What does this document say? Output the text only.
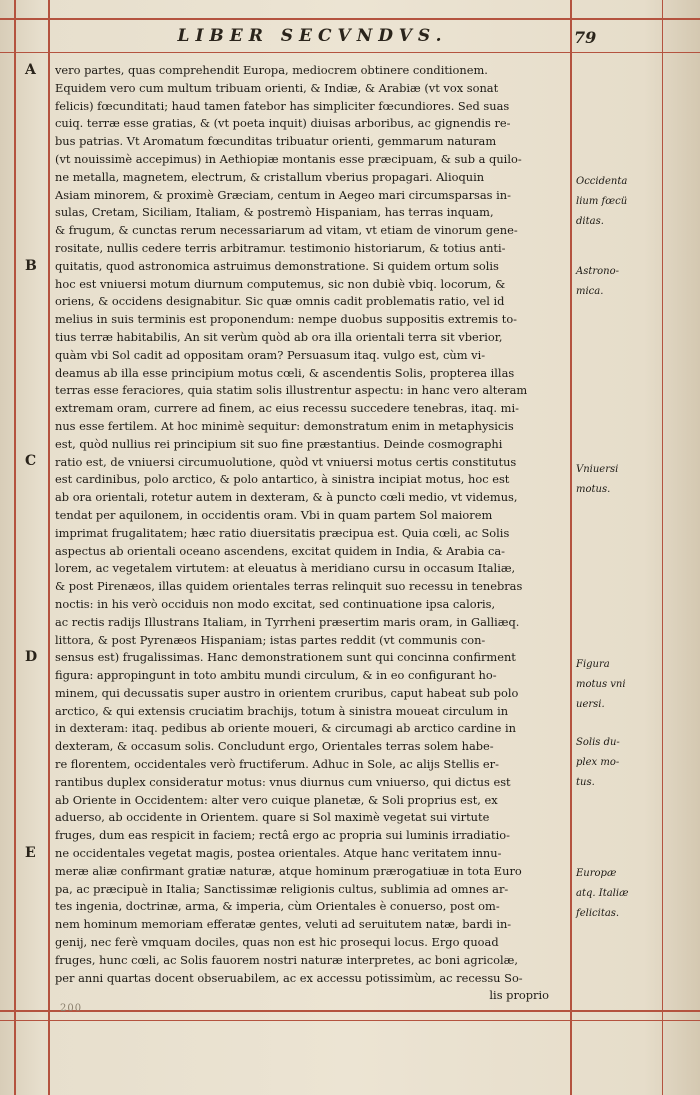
LIBER SECVNDVS.	79
A
B
C
D
E
vero partes, quas comprehendit Europa, mediocrem obtinere conditionem.
Equidem vero cum multum tribuam orienti, & Indiæ, & Arabiæ (vt vox sonat
felicis) fœcunditati; haud tamen fatebor has simpliciter fœcundiores. Sed suas
cuiq. terræ esse gratias, & (vt poeta inquit) diuisas arboribus, ac gignendis re-
bus patrias. Vt Aromatum fœcunditas tribuatur orienti, gemmarum naturam
(vt nouissimè accepimus) in Aethiopiæ montanis esse præcipuam, & sub a quilo-
ne metalla, magnetem, electrum, & cristallum vberius propagari. Alioquin
Asiam minorem, & proximè Græciam, centum in Aegeo mari circumsparsas in-
sulas, Cretam, Siciliam, Italiam, & postremò Hispaniam, has terras inquam,
& frugum, & cunctas rerum necessariarum ad vitam, vt etiam de vinorum gene-
rositate, nullis cedere terris arbitramur. testimonio historiarum, & totius anti-
quitatis, quod astronomica astruimus demonstratione. Si quidem ortum solis
hoc est vniuersi motum diurnum computemus, sic non dubiè vbiq. locorum, &
oriens, & occidens designabitur. Sic quæ omnis cadit problematis ratio, vel id
melius in suis terminis est proponendum: nempe duobus suppositis extremis to-
tius terræ habitabilis, An sit verùm quòd ab ora illa orientali terra sit vberior,
quàm vbi Sol cadit ad oppositam oram? Persuasum itaq. vulgo est, cùm vi-
deamus ab illa esse principium motus cœli, & ascendentis Solis, propterea illas
terras esse feraciores, quia statim solis illustrentur aspectu: in hanc vero alteram
extremam oram, currere ad finem, ac eius recessu succedere tenebras, itaq. mi-
nus esse fertilem. At hoc minimè sequitur: demonstratum enim in metaphysicis
est, quòd nullius rei principium sit suo fine præstantius. Deinde cosmographi
ratio est, de vniuersi circumuolutione, quòd vt vniuersi motus certis constitutus
est cardinibus, polo arctico, & polo antartico, à sinistra incipiat motus, hoc est
ab ora orientali, rotetur autem in dexteram, & à puncto cœli medio, vt videmus,
tendat per aquilonem, in occidentis oram. Vbi in quam partem Sol maiorem
imprimat frugalitatem; hæc ratio diuersitatis præcipua est. Quia cœli, ac Solis
aspectus ab orientali oceano ascendens, excitat quidem in India, & Arabia ca-
lorem, ac vegetalem virtutem: at eleuatus à meridiano cursu in occasum Italiæ,
& post Pirenæos, illas quidem orientales terras relinquit suo recessu in tenebras
noctis: in his verò occiduis non modo excitat, sed continuatione ipsa caloris,
ac rectis radijs Illustrans Italiam, in Tyrrheni præsertim maris oram, in Galliæq.
littora, & post Pyrenæos Hispaniam; istas partes reddit (vt communis con-
sensus est) frugalissimas. Hanc demonstrationem sunt qui concinna confirment
figura: appropingunt in toto ambitu mundi circulum, & in eo configurant ho-
minem, qui decussatis super austro in orientem cruribus, caput habeat sub polo
arctico, & qui extensis cruciatim brachijs, totum à sinistra moueat circulum in
in dexteram: itaq. pedibus ab oriente moueri, & circumagi ab arctico cardine in
dexteram, & occasum solis. Concludunt ergo, Orientales terras solem habe-
re florentem, occidentales verò fructiferum. Adhuc in Sole, ac alijs Stellis er-
rantibus duplex consideratur motus: vnus diurnus cum vniuerso, qui dictus est
ab Oriente in Occidentem: alter vero cuique planetæ, & Soli proprius est, ex
aduerso, ab occidente in Orientem. quare si Sol maximè vegetat sui virtute
fruges, dum eas respicit in faciem; rectâ ergo ac propria sui luminis irradiatio-
ne occidentales vegetat magis, postea orientales. Atque hanc veritatem innu-
meræ aliæ confirmant gratiæ naturæ, atque hominum prærogatiuæ in tota Euro
pa, ac præcipuè in Italia; Sanctissimæ religionis cultus, sublimia ad omnes ar-
tes ingenia, doctrinæ, arma, & imperia, cùm Orientales è conuerso, post om-
nem hominum memoriam efferatæ gentes, veluti ad seruitutem natæ, bardi in-
genij, nec ferè vmquam dociles, quas non est hic prosequi locus. Ergo quoad
fruges, hunc cœli, ac Solis fauorem nostri naturæ interpretes, ac boni agricolæ,
per anni quartas docent obseruabilem, ac ex accessu potissimùm, ac recessu So-
lis proprio
Occidenta
lium fœcü
ditas.
Astrono-
mica.
Vniuersi
motus.
Figura
motus vni
uersi.
Solis du-
plex mo-
tus.
Europæ
atq. Italiæ
felicitas.
200
